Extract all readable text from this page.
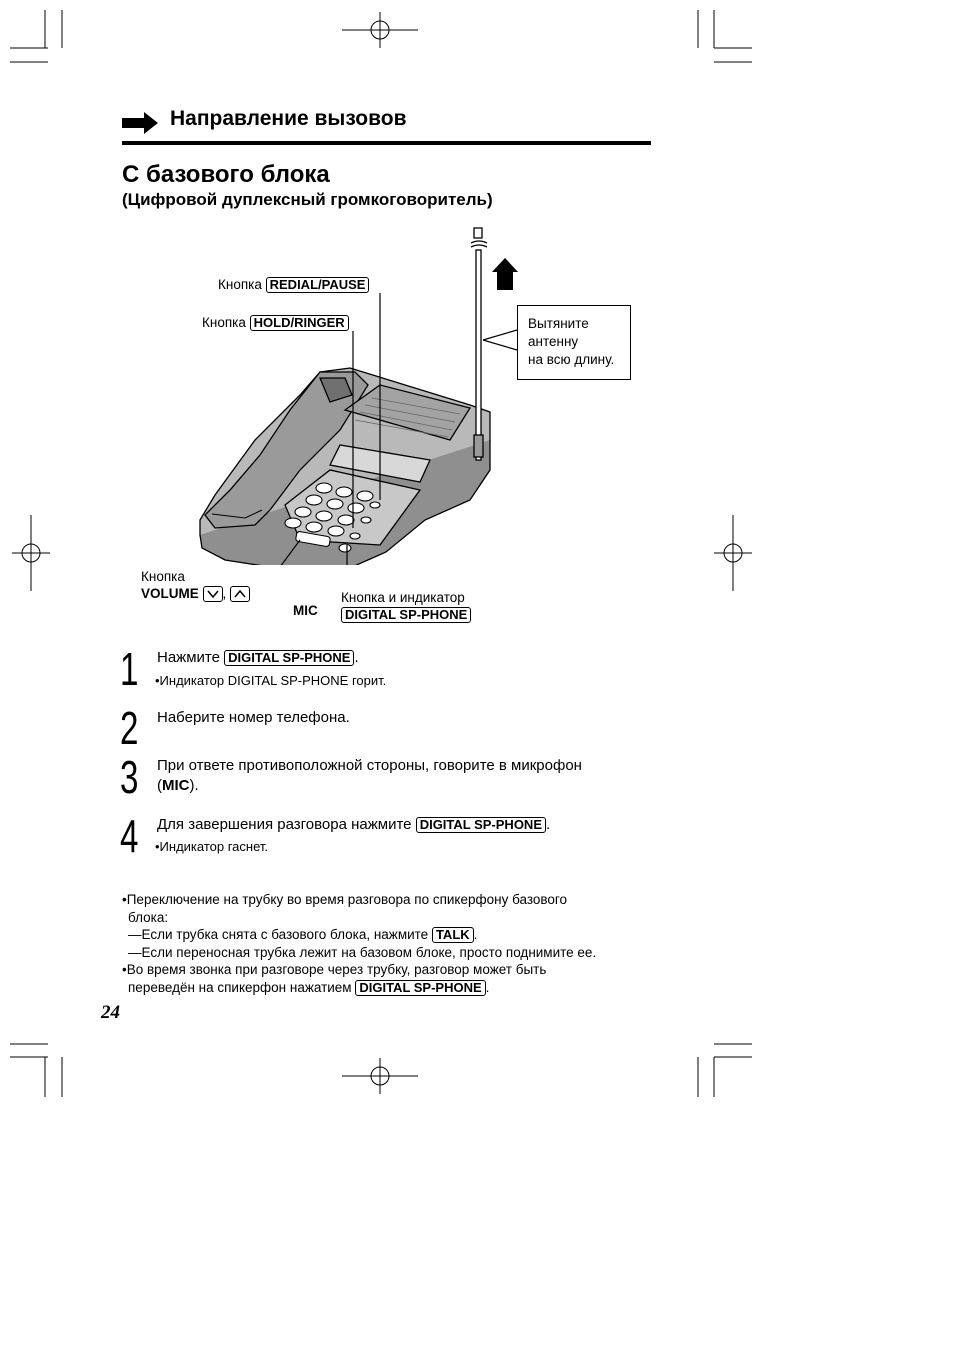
Направление вызовов
С базового блока
(Цифровой дуплексный громкоговоритель)
Кнопка REDIAL/PAUSE
Кнопка HOLD/RINGER	Вытяните
антенну
на всю длину.
Кнопка
VOLUME ,
MIC
Кнопка и индикатор
DIGITAL SP-PHONE
1 Нажмите DIGITAL SP-PHONE .
•Индикатор DIGITAL SP-PHONE горит.
2 Наберите номер телефона.
3 При ответе противоположной стороны, говорите в микрофон
(MIC).
4 Для завершения разговора нажмите DIGITAL SP-PHONE .
•Индикатор гаснет.

•Переключение на трубку во время разговора по спикерфону базового

блока:

—Если трубка снята с базового блока, нажмите TALK .

—Если переносная трубка лежит на базовом блоке, просто поднимите ее.

•Во время звонка при разговоре через трубку, разговор может быть

переведён на спикерфон нажатием DIGITAL SP-PHONE .

24
